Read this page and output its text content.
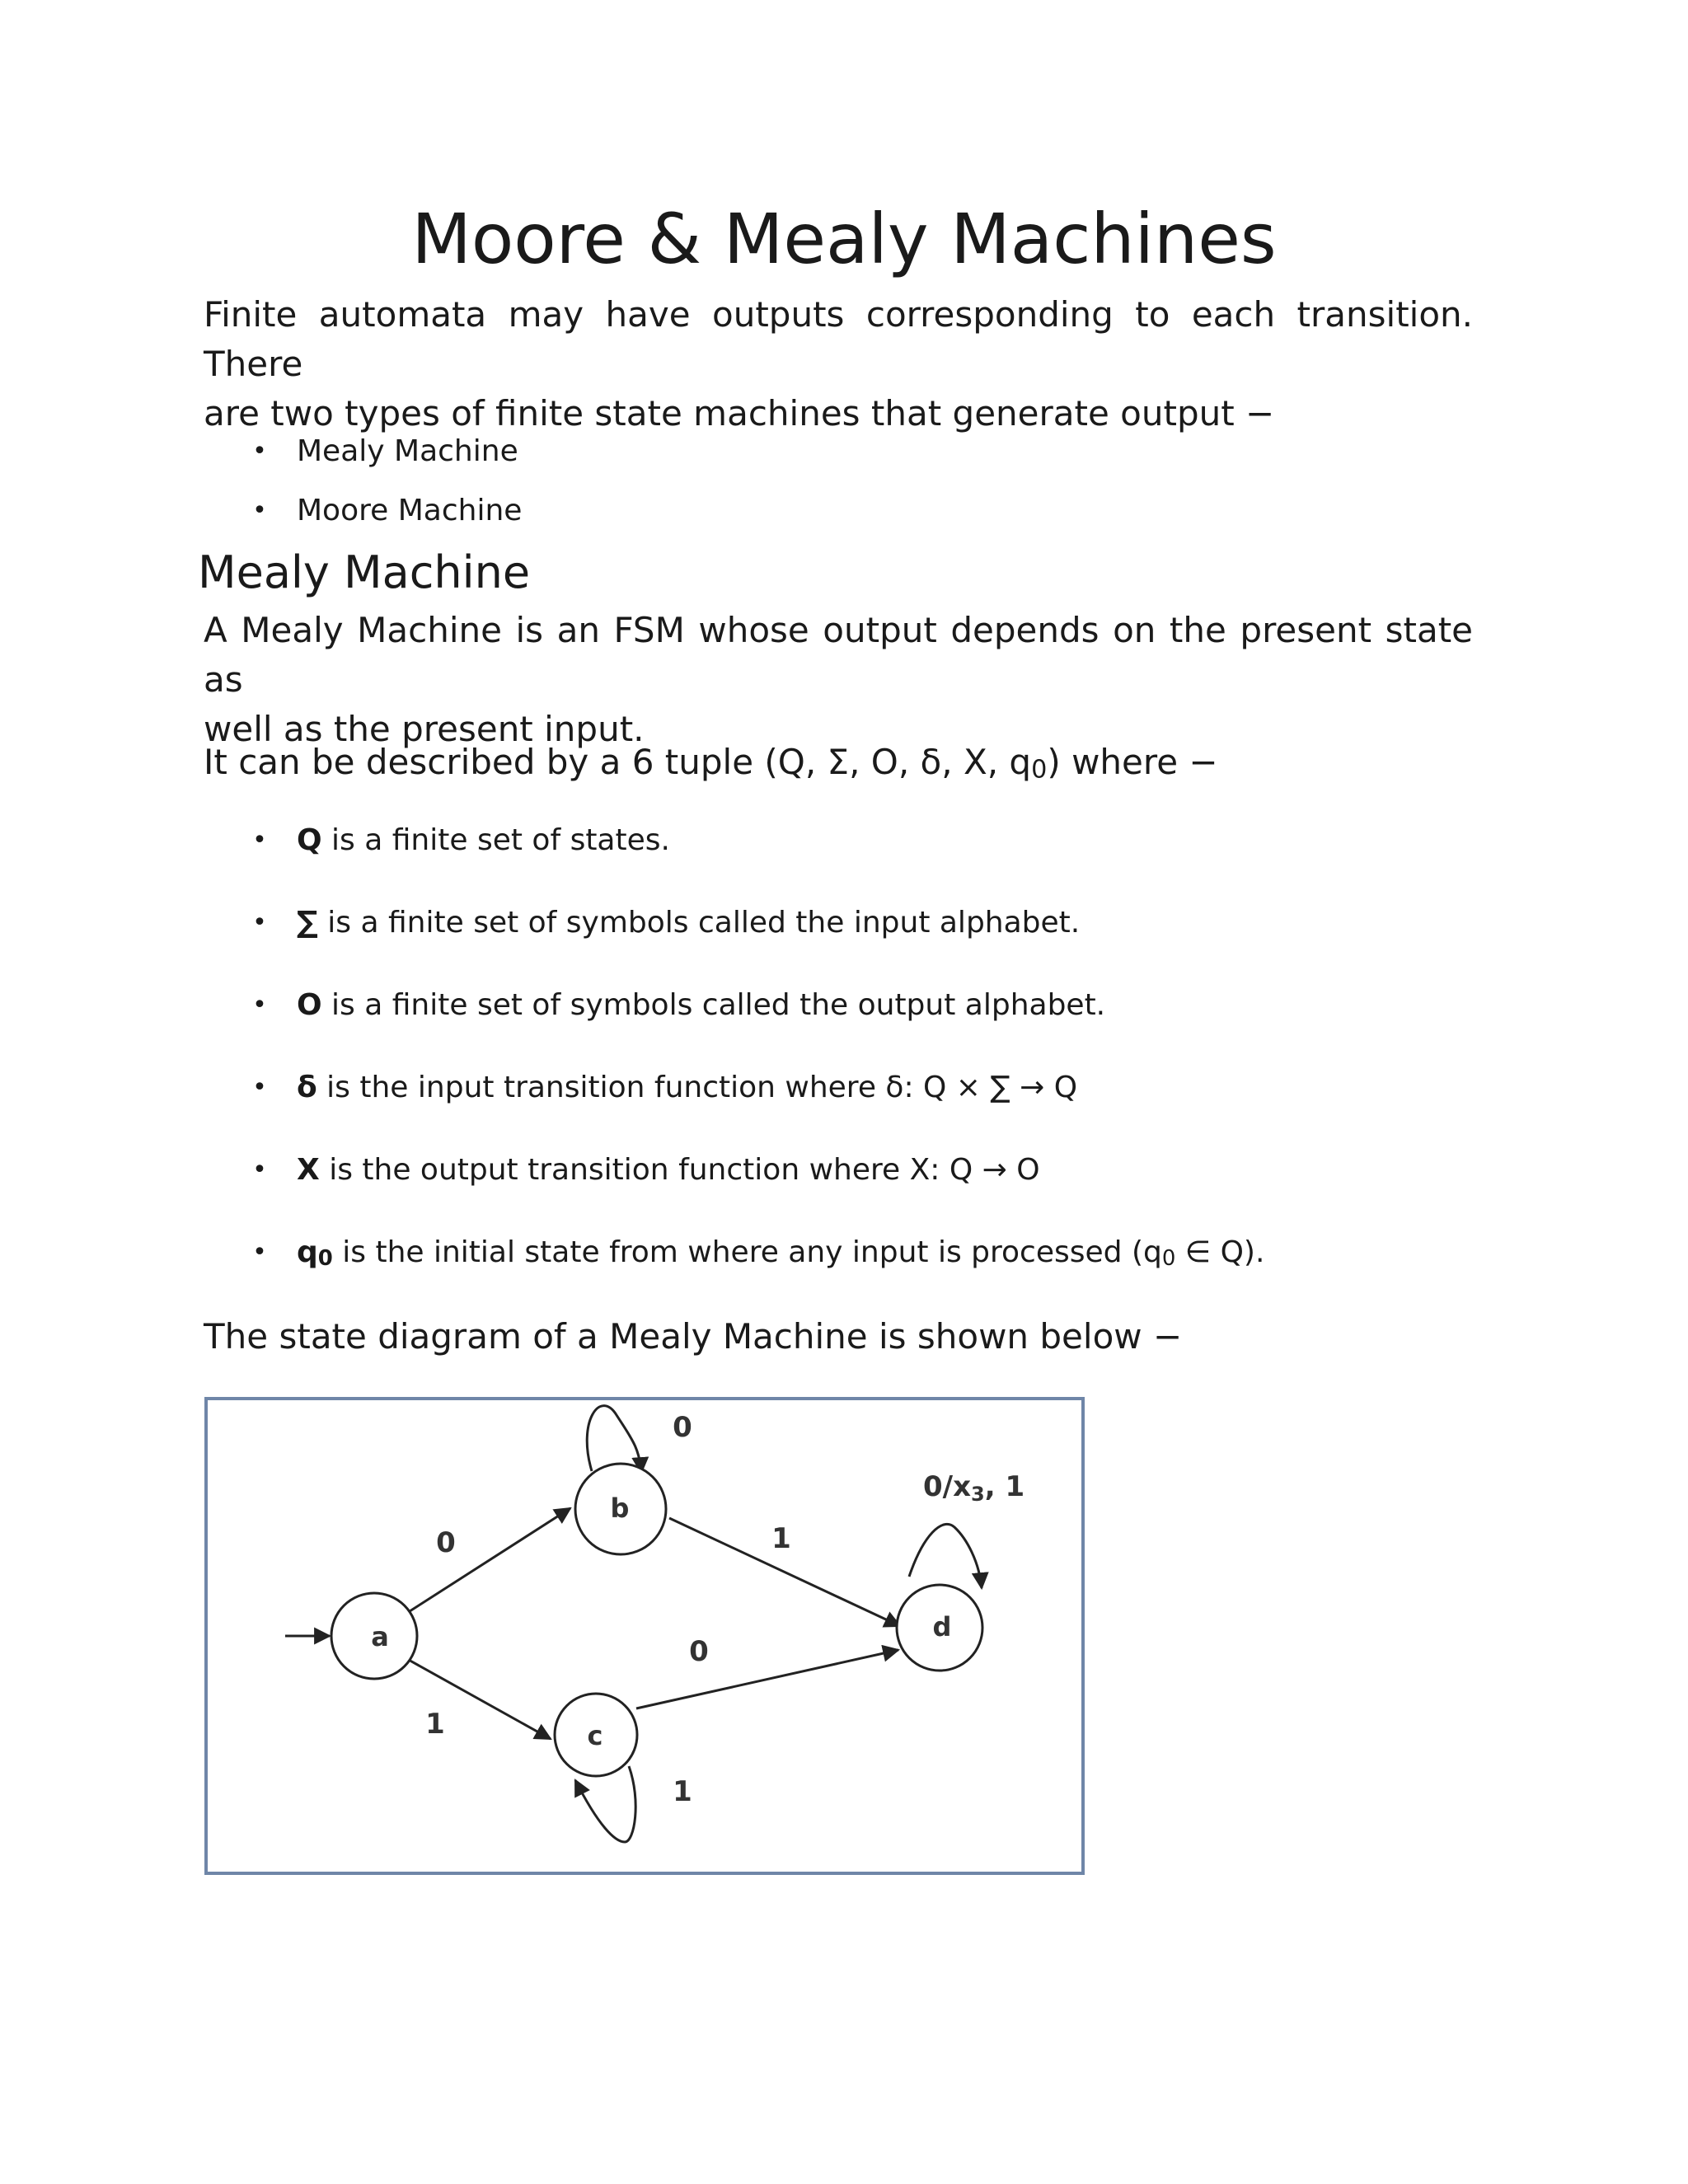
Moore & Mealy Machines
Finite automata may have outputs corresponding to each transition. There
are two types of finite state machines that generate output −
• Mealy Machine
• Moore Machine
Mealy Machine
A Mealy Machine is an FSM whose output depends on the present state as
well as the present input.

It can be described by a 6 tuple (Q, Σ, O, δ, X, q0) where −

• Q is a finite set of states.
• ∑ is a finite set of symbols called the input alphabet.
• O is a finite set of symbols called the output alphabet.
• δ is the input transition function where δ: Q × ∑ → Q
• X is the output transition function where X: Q → O
• q0 is the initial state from where any input is processed (q0 ∈ Q).

The state diagram of a Mealy Machine is shown below −

a
b
c
d
0
1
0
1
0
1
0/x3, 1
